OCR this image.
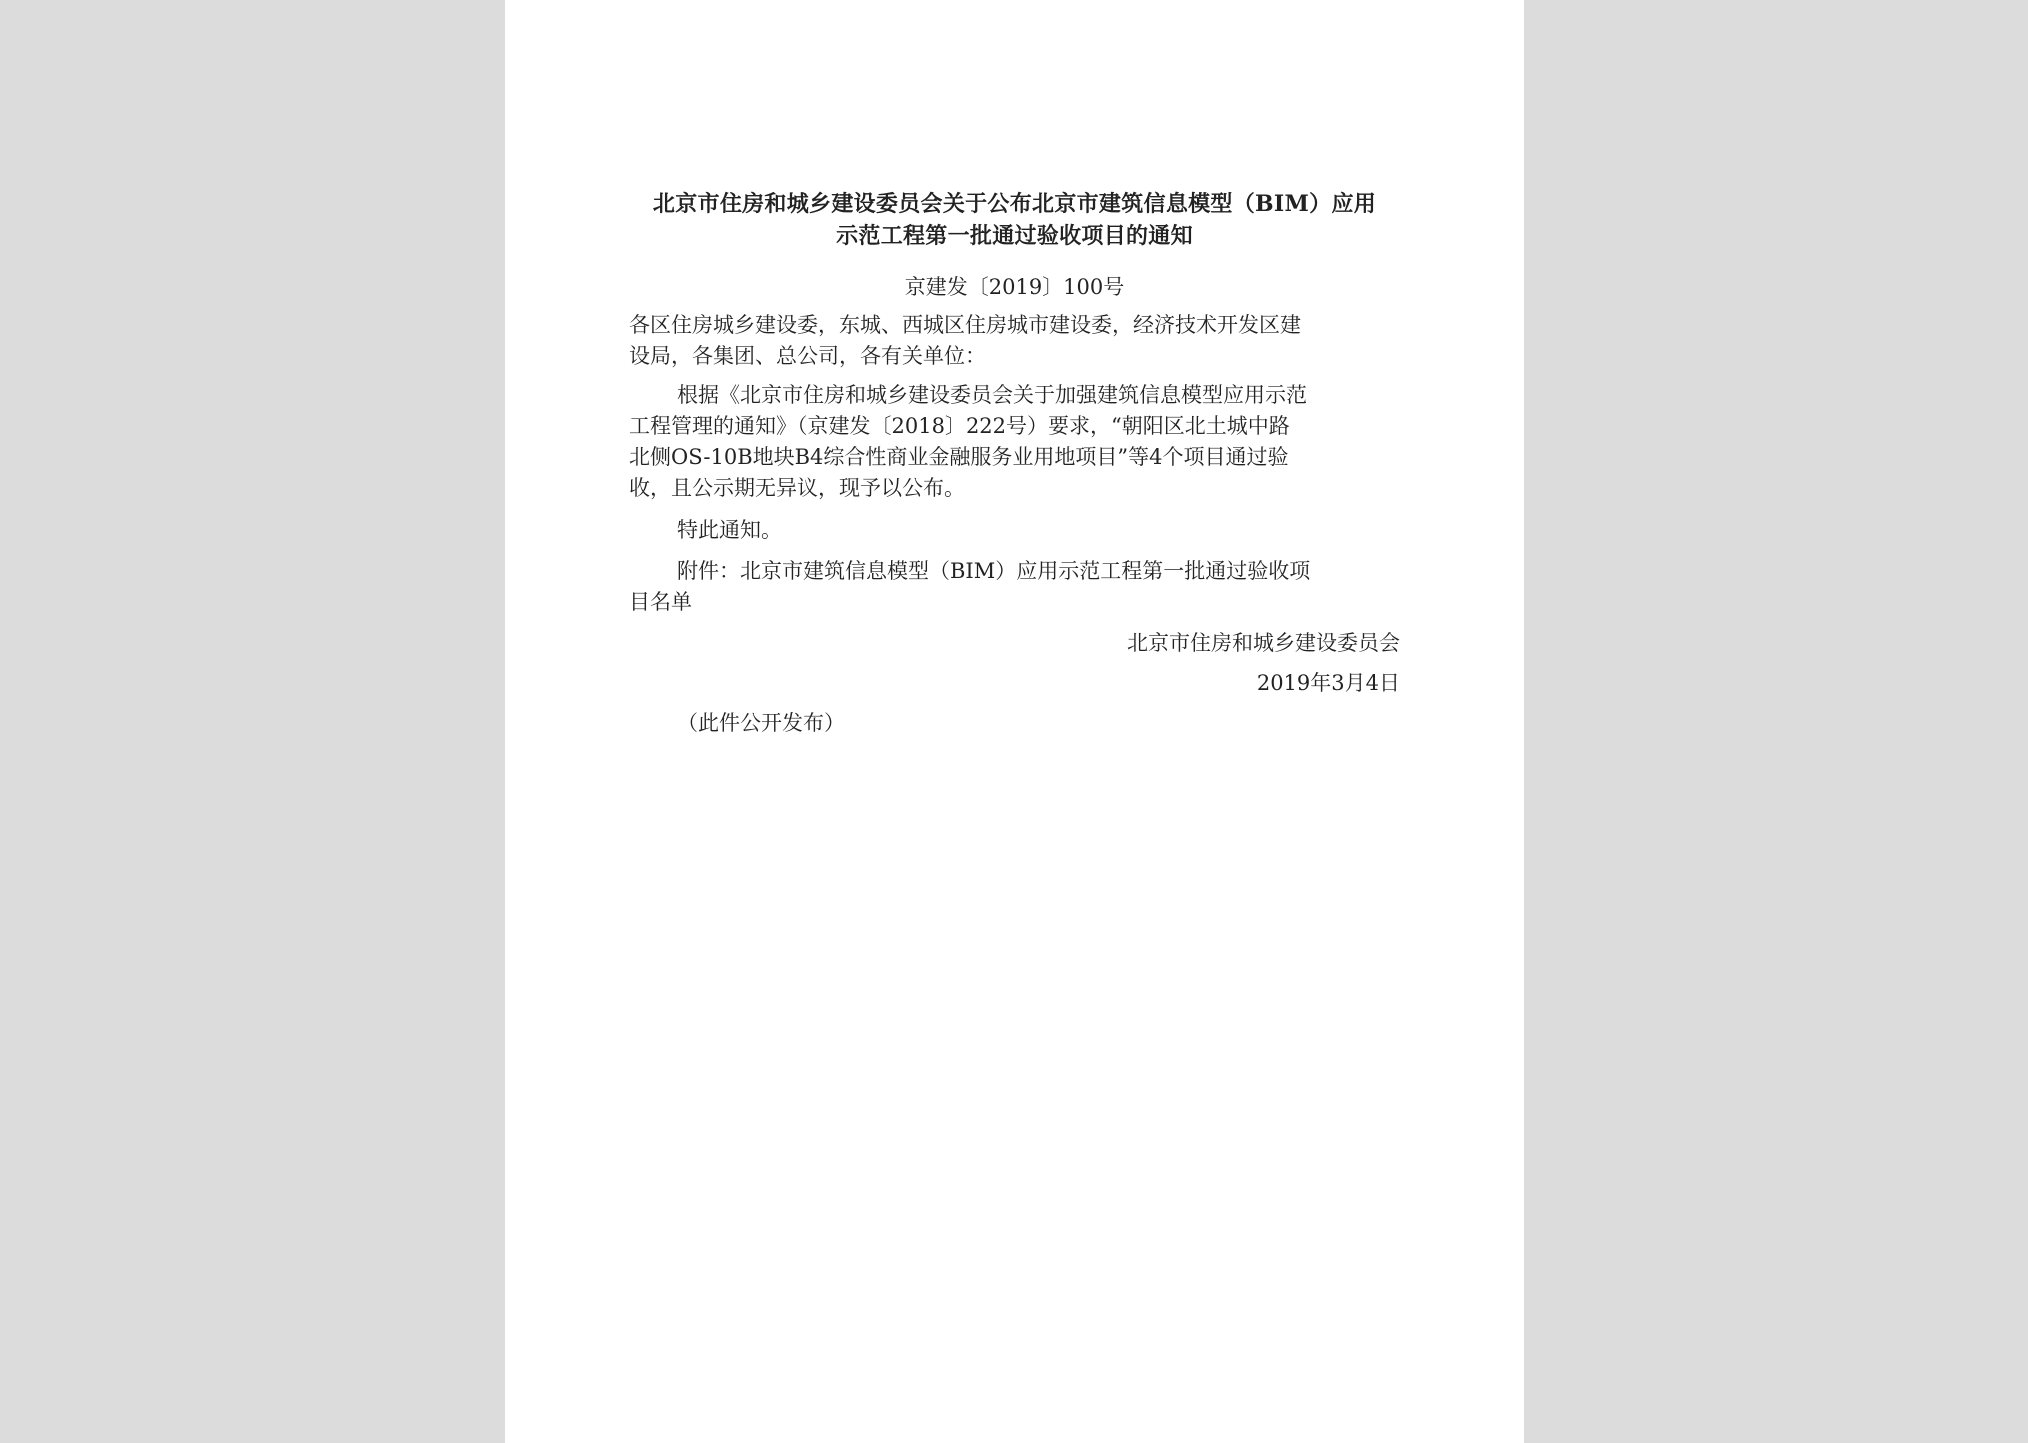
北京市住房和城乡建设委员会关于公布北京市建筑信息模型（BIM）应用
示范工程第一批通过验收项目的通知
京建发〔2019〕100号

各区住房城乡建设委，东城、西城区住房城市建设委，经济技术开发区建
设局，各集团、总公司，各有关单位：

根据《北京市住房和城乡建设委员会关于加强建筑信息模型应用示范
工程管理的通知》（京建发〔2018〕222号）要求，“朝阳区北土城中路
北侧OS-10B地块B4综合性商业金融服务业用地项目”等4个项目通过验
收，且公示期无异议，现予以公布。

特此通知。

附件：北京市建筑信息模型（BIM）应用示范工程第一批通过验收项
目名单

北京市住房和城乡建设委员会
2019年3月4日
（此件公开发布）
